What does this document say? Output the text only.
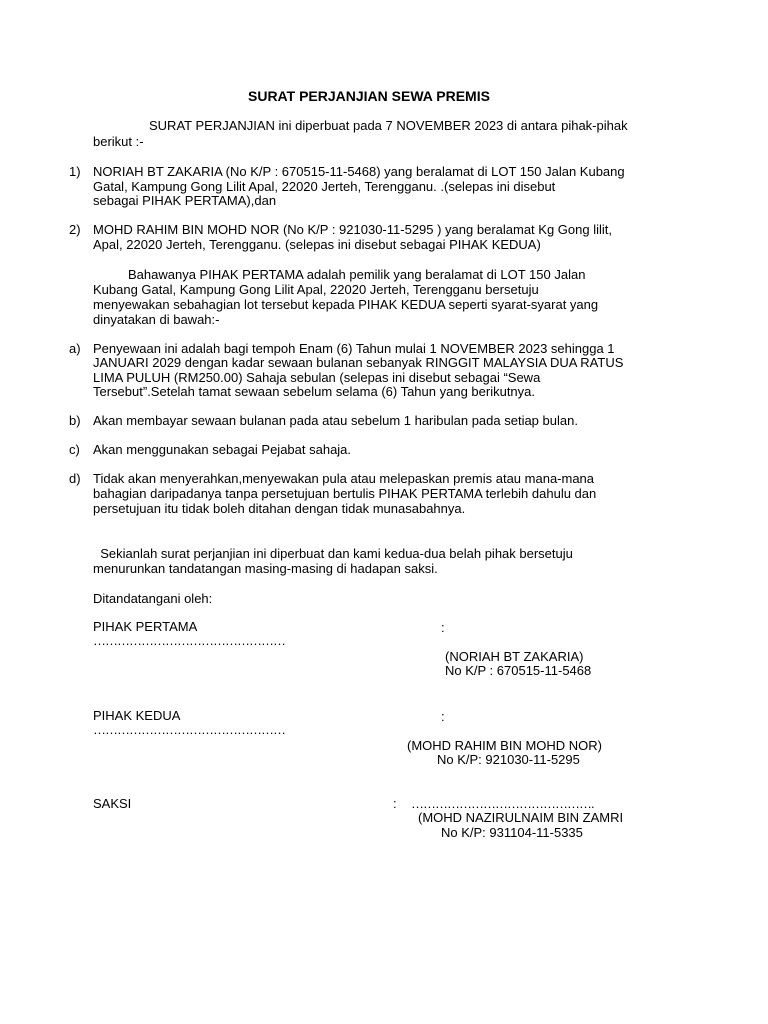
SURAT PERJANJIAN SEWA PREMIS
SURAT PERJANJIAN ini diperbuat pada 7 NOVEMBER 2023 di antara pihak-pihak
berikut :-
1) NORIAH BT ZAKARIA (No K/P : 670515-11-5468) yang beralamat di LOT 150 Jalan Kubang
Gatal, Kampung Gong Lilit Apal, 22020 Jerteh, Terengganu. .(selepas ini disebut
sebagai PIHAK PERTAMA),dan
2) MOHD RAHIM BIN MOHD NOR (No K/P : 921030-11-5295 ) yang beralamat Kg Gong lilit,
Apal, 22020 Jerteh, Terengganu. (selepas ini disebut sebagai PIHAK KEDUA)
Bahawanya PIHAK PERTAMA adalah pemilik yang beralamat di LOT 150 Jalan
Kubang Gatal, Kampung Gong Lilit Apal, 22020 Jerteh, Terengganu bersetuju
menyewakan sebahagian lot tersebut kepada PIHAK KEDUA seperti syarat-syarat yang
dinyatakan di bawah:-
a) Penyewaan ini adalah bagi tempoh Enam (6) Tahun mulai 1 NOVEMBER 2023 sehingga 1
JANUARI 2029 dengan kadar sewaan bulanan sebanyak RINGGIT MALAYSIA DUA RATUS
LIMA PULUH (RM250.00) Sahaja sebulan (selepas ini disebut sebagai “Sewa
Tersebut”.Setelah tamat sewaan sebelum selama (6) Tahun yang berikutnya.
b) Akan membayar sewaan bulanan pada atau sebelum 1 haribulan pada setiap bulan.
c) Akan menggunakan sebagai Pejabat sahaja.
d) Tidak akan menyerahkan,menyewakan pula atau melepaskan premis atau mana-mana
bahagian daripadanya tanpa persetujuan bertulis PIHAK PERTAMA terlebih dahulu dan
persetujuan itu tidak boleh ditahan dengan tidak munasabahnya.
Sekianlah surat perjanjian ini diperbuat dan kami kedua-dua belah pihak bersetuju
menurunkan tandatangan masing-masing di hadapan saksi.
Ditandatangani oleh:
PIHAK PERTAMA	:
…………………………………………
(NORIAH BT ZAKARIA)
No K/P : 670515-11-5468
PIHAK KEDUA	:
…………………………………………
(MOHD RAHIM BIN MOHD NOR)
No K/P: 921030-11-5295
SAKSI	: ……………………………………….
(MOHD NAZIRULNAIM BIN ZAMRI
No K/P: 931104-11-5335
